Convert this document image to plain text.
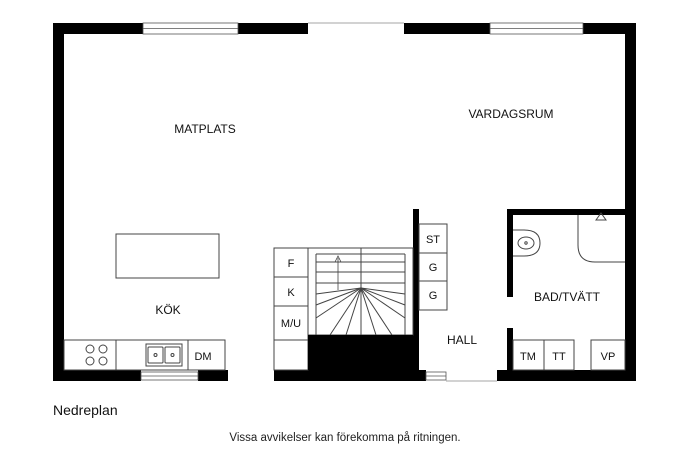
MATPLATS
VARDAGSRUM
KÖK
BAD/TVÄTT
HALL
DM
F
K
M/U
ST
G
G
TM TT	VP

Nedreplan

Vissa avvikelser kan förekomma på ritningen.
